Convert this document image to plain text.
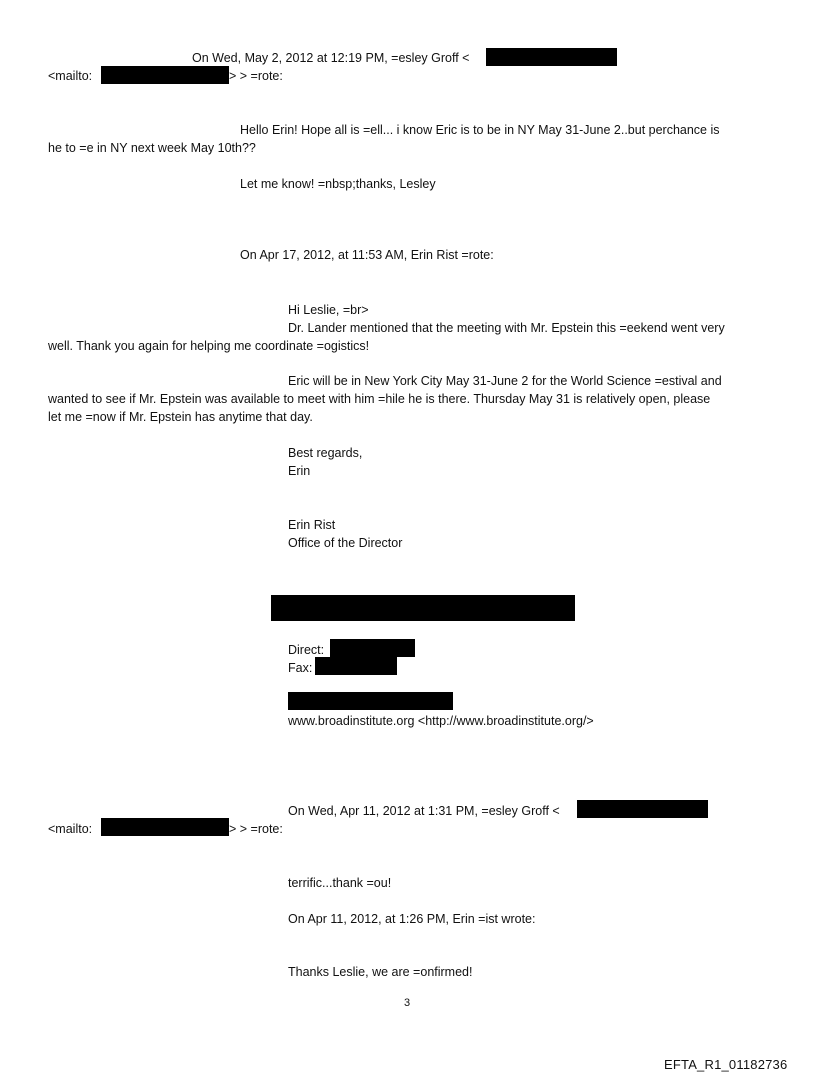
On Wed, May 2, 2012 at 12:19 PM, =esley Groff <
<mailto:	> > =rote:
Hello Erin! Hope all is =ell... i know Eric is to be in NY May 31-June 2..but perchance is
he to =e in NY next week May 10th??
Let me know! =nbsp;thanks, Lesley
On Apr 17, 2012, at 11:53 AM, Erin Rist =rote:
Hi Leslie, =br>
Dr. Lander mentioned that the meeting with Mr. Epstein this =eekend went very
well. Thank you again for helping me coordinate =ogistics!
Eric will be in New York City May 31-June 2 for the World Science =estival and
wanted to see if Mr. Epstein was available to meet with him =hile he is there. Thursday May 31 is relatively open, please
let me =now if Mr. Epstein has anytime that day.
Best regards,
Erin
Erin Rist
Office of the Director
Direct:
Fax:
www.broadinstitute.org <http://www.broadinstitute.org/>
On Wed, Apr 11, 2012 at 1:31 PM, =esley Groff <
<mailto:	> > =rote:
terrific...thank =ou!
On Apr 11, 2012, at 1:26 PM, Erin =ist wrote:
Thanks Leslie, we are =onfirmed!
3
EFTA_R1_01182736
